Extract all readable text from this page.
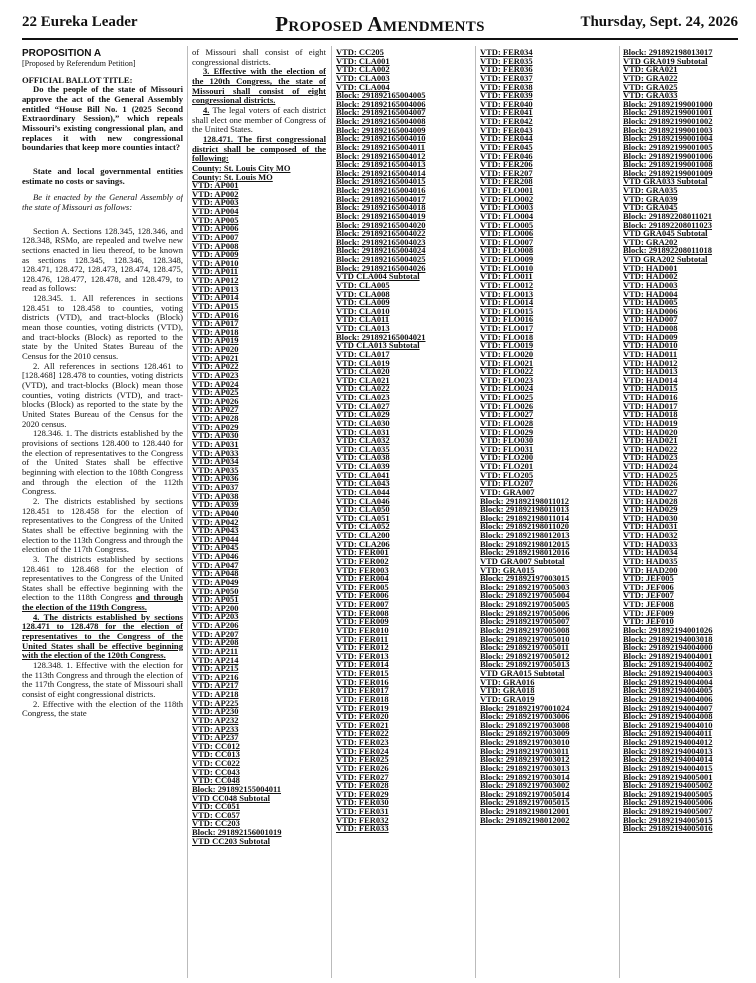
22 Eureka Leader	Proposed Amendments	Thursday, Sept. 24, 2026

PROPOSITION A

[Proposed by Referendum Petition]

OFFICIAL BALLOT TITLE:

Do the people of the state of Missouri approve the act of the General Assembly entitled “House Bill No. 1 (2025 Second Extraordinary Session),” which repeals Missouri’s existing congressional plan, and replaces it with new congressional boundaries that keep more counties intact?

State and local governmental entities estimate no costs or savings.

Be it enacted by the General Assembly of the state of Missouri as follows:

Section A. Sections 128.345, 128.346, and 128.348, RSMo, are repealed and twelve new sections enacted in lieu thereof, to be known as sections 128.345, 128.346, 128.348, 128.471, 128.472, 128.473, 128.474, 128.475, 128.476, 128.477, 128.478, and 128.479, to read as follows:

128.345. 1. All references in sections 128.451 to 128.458 to counties, voting districts (VTD), and tract-blocks (Block) mean those counties, voting districts (VTD), and tract-blocks (Block) as reported to the state by the United States Bureau of the Census for the 2010 census.

2. All references in sections 128.461 to [128.468] 128.478 to counties, voting districts (VTD), and tract-blocks (Block) mean those counties, voting districts (VTD), and tract-blocks (Block) as reported to the state by the United States Bureau of the Census for the 2020 census.

128.346. 1. The districts established by the provisions of sections 128.400 to 128.440 for the election of representatives to the Congress of the United States shall be effective beginning with election to the 108th Congress and through the election of the 112th Congress.

2. The districts established by sections 128.451 to 128.458 for the election of representatives to the Congress of the United States shall be effective beginning with the election to the 113th Congress and through the election of the 117th Congress.

3. The districts established by sections 128.461 to 128.468 for the election of representatives to the Congress of the United States shall be effective beginning with the election to the 118th Congress and through the election of the 119th Congress.

4. The districts established by sections 128.471 to 128.478 for the election of representatives to the Congress of the United States shall be effective beginning with the election of the 120th Congress.

128.348. 1. Effective with the election for the 113th Congress and through the election of the 117th Congress, the state of Missouri shall consist of eight congressional districts.

2. Effective with the election of the 118th Congress, the state

of Missouri shall consist of eight congressional districts.

3. Effective with the election of the 120th Congress, the state of Missouri shall consist of eight congressional districts.

4. The legal voters of each district shall elect one member of Congress of the United States.

128.471. The first congressional district shall be composed of the following:

County: St. Louis City MO
County: St. Louis MO
VTD: AP001
VTD: AP002
VTD: AP003
VTD: AP004
VTD: AP005
VTD: AP006
VTD: AP007
VTD: AP008
VTD: AP009
VTD: AP010
VTD: AP011
VTD: AP012
VTD: AP013
VTD: AP014
VTD: AP015
VTD: AP016
VTD: AP017
VTD: AP018
VTD: AP019
VTD: AP020
VTD: AP021
VTD: AP022
VTD: AP023
VTD: AP024
VTD: AP025
VTD: AP026
VTD: AP027
VTD: AP028
VTD: AP029
VTD: AP030
VTD: AP031
VTD: AP033
VTD: AP034
VTD: AP035
VTD: AP036
VTD: AP037
VTD: AP038
VTD: AP039
VTD: AP040
VTD: AP042
VTD: AP043
VTD: AP044
VTD: AP045
VTD: AP046
VTD: AP047
VTD: AP048
VTD: AP049
VTD: AP050
VTD: AP051
VTD: AP200
VTD: AP203
VTD: AP206
VTD: AP207
VTD: AP208
VTD: AP211
VTD: AP214
VTD: AP215
VTD: AP216
VTD: AP217
VTD: AP218
VTD: AP225
VTD: AP230
VTD: AP232
VTD: AP233
VTD: AP237
VTD: CC012
VTD: CC013
VTD: CC022
VTD: CC043
VTD: CC048
Block: 291892155004011
VTD CC048 Subtotal
VTD: CC051
VTD: CC057
VTD: CC203
Block: 291892156001019
VTD CC203 Subtotal
VTD: CC205
VTD: CLA001
VTD: CLA002
VTD: CLA003
VTD: CLA004
Block: 291892165004005
Block: 291892165004006
Block: 291892165004007
Block: 291892165004008
Block: 291892165004009
Block: 291892165004010
Block: 291892165004011
Block: 291892165004012
Block: 291892165004013
Block: 291892165004014
Block: 291892165004015
Block: 291892165004016
Block: 291892165004017
Block: 291892165004018
Block: 291892165004019
Block: 291892165004020
Block: 291892165004022
Block: 291892165004023
Block: 291892165004024
Block: 291892165004025
Block: 291892165004026
VTD CLA004 Subtotal
VTD: CLA005
VTD: CLA008
VTD: CLA009
VTD: CLA010
VTD: CLA011
VTD: CLA013
Block: 291892165004021
VTD CLA013 Subtotal
VTD: CLA017
VTD: CLA019
VTD: CLA020
VTD: CLA021
VTD: CLA022
VTD: CLA023
VTD: CLA027
VTD: CLA029
VTD: CLA030
VTD: CLA031
VTD: CLA032
VTD: CLA035
VTD: CLA038
VTD: CLA039
VTD: CLA041
VTD: CLA043
VTD: CLA044
VTD: CLA046
VTD: CLA050
VTD: CLA051
VTD: CLA052
VTD: CLA200
VTD: CLA206
VTD: FER001
VTD: FER002
VTD: FER003
VTD: FER004
VTD: FER005
VTD: FER006
VTD: FER007
VTD: FER008
VTD: FER009
VTD: FER010
VTD: FER011
VTD: FER012
VTD: FER013
VTD: FER014
VTD: FER015
VTD: FER016
VTD: FER017
VTD: FER018
VTD: FER019
VTD: FER020
VTD: FER021
VTD: FER022
VTD: FER023
VTD: FER024
VTD: FER025
VTD: FER026
VTD: FER027
VTD: FER028
VTD: FER029
VTD: FER030
VTD: FER031
VTD: FER032
VTD: FER033
VTD: FER034
VTD: FER035
VTD: FER036
VTD: FER037
VTD: FER038
VTD: FER039
VTD: FER040
VTD: FER041
VTD: FER042
VTD: FER043
VTD: FER044
VTD: FER045
VTD: FER046
VTD: FER206
VTD: FER207
VTD: FER208
VTD: FLO001
VTD: FLO002
VTD: FLO003
VTD: FLO004
VTD: FLO005
VTD: FLO006
VTD: FLO007
VTD: FLO008
VTD: FLO009
VTD: FLO010
VTD: FLO011
VTD: FLO012
VTD: FLO013
VTD: FLO014
VTD: FLO015
VTD: FLO016
VTD: FLO017
VTD: FLO018
VTD: FLO019
VTD: FLO020
VTD: FLO021
VTD: FLO022
VTD: FLO023
VTD: FLO024
VTD: FLO025
VTD: FLO026
VTD: FLO027
VTD: FLO028
VTD: FLO029
VTD: FLO030
VTD: FLO031
VTD: FLO200
VTD: FLO201
VTD: FLO205
VTD: FLO207
VTD: GRA007
Block: 291892198011012
Block: 291892198011013
Block: 291892198011014
Block: 291892198011020
Block: 291892198012013
Block: 291892198012015
Block: 291892198012016
VTD GRA007 Subtotal
VTD: GRA015
Block: 291892197003015
Block: 291892197005003
Block: 291892197005004
Block: 291892197005005
Block: 291892197005006
Block: 291892197005007
Block: 291892197005008
Block: 291892197005010
Block: 291892197005011
Block: 291892197005012
Block: 291892197005013
VTD GRA015 Subtotal
VTD: GRA016
VTD: GRA018
VTD: GRA019
Block: 291892197001024
Block: 291892197003006
Block: 291892197003008
Block: 291892197003009
Block: 291892197003010
Block: 291892197003011
Block: 291892197003012
Block: 291892197003013
Block: 291892197003014
Block: 291892197003002
Block: 291892197005014
Block: 291892197005015
Block: 291892198012001
Block: 291892198012002
Block: 291892198013017
VTD GRA019 Subtotal
VTD: GRA021
VTD: GRA022
VTD: GRA025
VTD: GRA033
Block: 291892199001000
Block: 291892199001001
Block: 291892199001002
Block: 291892199001003
Block: 291892199001004
Block: 291892199001005
Block: 291892199001006
Block: 291892199001008
Block: 291892199001009
VTD GRA033 Subtotal
VTD: GRA035
VTD: GRA039
VTD: GRA045
Block: 291892208011021
Block: 291892208011023
VTD GRA045 Subtotal
VTD: GRA202
Block: 291892208011018
VTD GRA202 Subtotal
VTD: HAD001
VTD: HAD002
VTD: HAD003
VTD: HAD004
VTD: HAD005
VTD: HAD006
VTD: HAD007
VTD: HAD008
VTD: HAD009
VTD: HAD010
VTD: HAD011
VTD: HAD012
VTD: HAD013
VTD: HAD014
VTD: HAD015
VTD: HAD016
VTD: HAD017
VTD: HAD018
VTD: HAD019
VTD: HAD020
VTD: HAD021
VTD: HAD022
VTD: HAD023
VTD: HAD024
VTD: HAD025
VTD: HAD026
VTD: HAD027
VTD: HAD028
VTD: HAD029
VTD: HAD030
VTD: HAD031
VTD: HAD032
VTD: HAD033
VTD: HAD034
VTD: HAD035
VTD: HAD200
VTD: JEF005
VTD: JEF006
VTD: JEF007
VTD: JEF008
VTD: JEF009
VTD: JEF010
Block: 291892194001026
Block: 291892194003018
Block: 291892194004000
Block: 291892194004001
Block: 291892194004002
Block: 291892194004003
Block: 291892194004004
Block: 291892194004005
Block: 291892194004006
Block: 291892194004007
Block: 291892194004008
Block: 291892194004010
Block: 291892194004011
Block: 291892194004012
Block: 291892194004013
Block: 291892194004014
Block: 291892194004015
Block: 291892194005001
Block: 291892194005002
Block: 291892194005005
Block: 291892194005006
Block: 291892194005007
Block: 291892194005015
Block: 291892194005016
